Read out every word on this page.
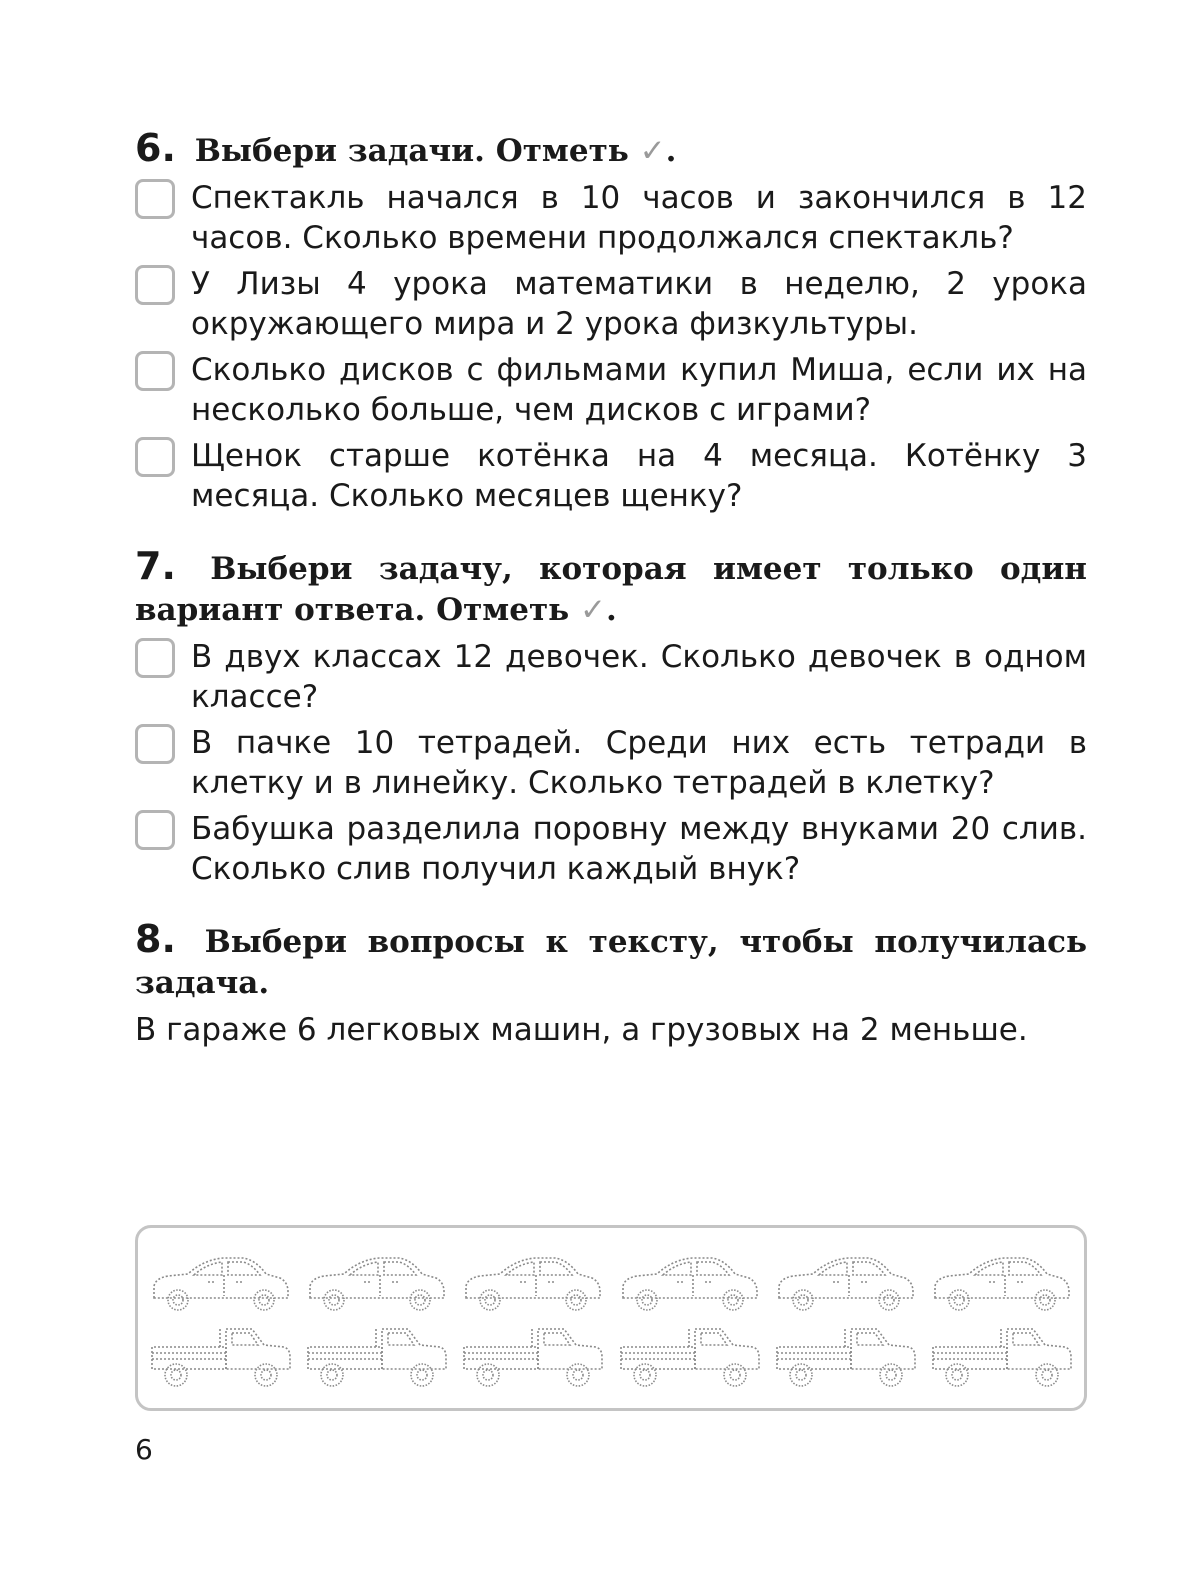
6. Выбери задачи. Отметь ✓.
Спектакль начался в 10 часов и закончился в 12 часов. Сколько времени продолжался спектакль?
У Лизы 4 урока математики в неделю, 2 урока окружающего мира и 2 урока физкультуры.
Сколько дисков с фильмами купил Миша, если их на несколько больше, чем дисков с играми?
Щенок старше котёнка на 4 месяца. Котёнку 3 месяца. Сколько месяцев щенку?
7. Выбери задачу, которая имеет только один вариант ответа. Отметь ✓.
В двух классах 12 девочек. Сколько девочек в одном классе?
В пачке 10 тетрадей. Среди них есть тетради в клетку и в линейку. Сколько тетрадей в клетку?
Бабушка разделила поровну между внуками 20 слив. Сколько слив получил каждый внук?
8. Выбери вопросы к тексту, чтобы получилась задача.
В гараже 6 легковых машин, а грузовых на 2 меньше.
6
